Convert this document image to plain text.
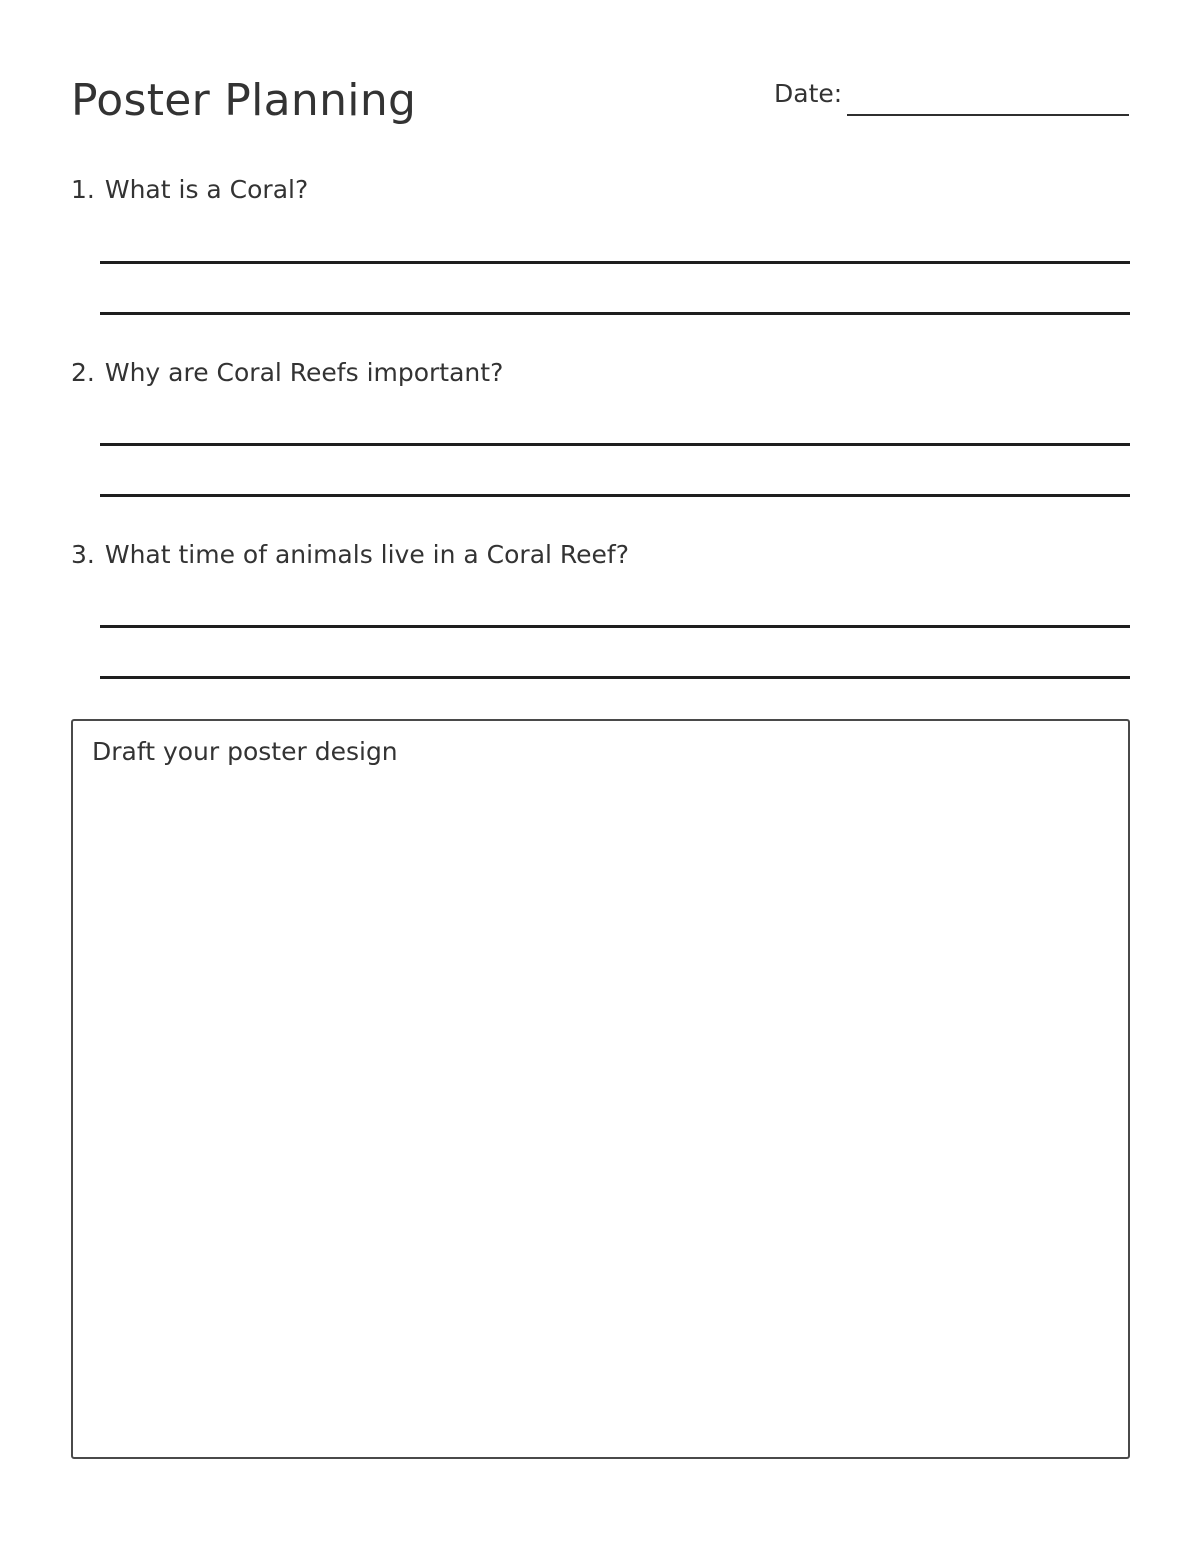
Poster Planning	Date:
1. What is a Coral?
2. Why are Coral Reefs important?
3. What time of animals live in a Coral Reef?
Draft your poster design
